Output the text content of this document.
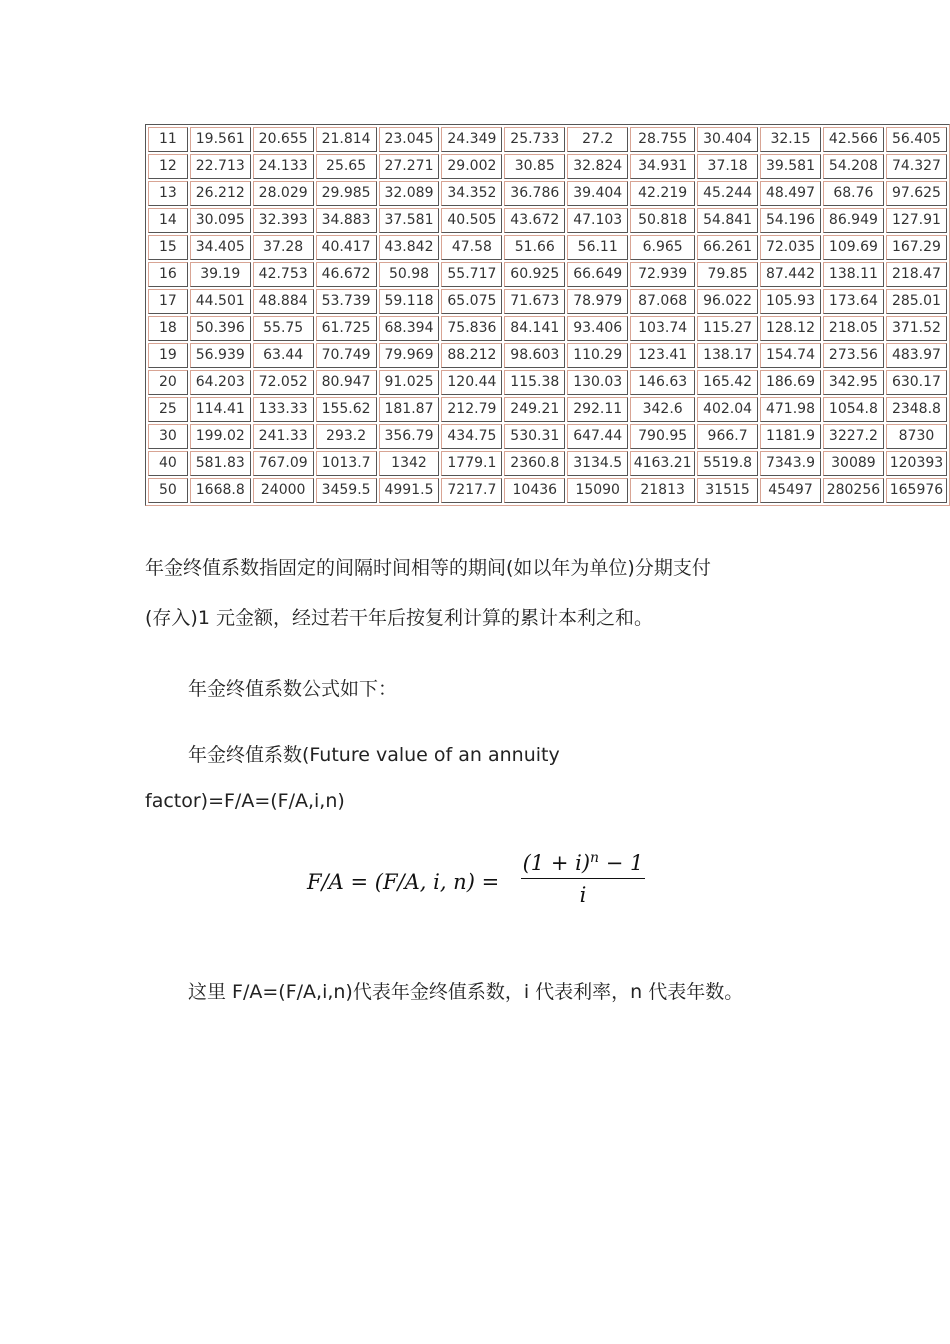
11	19.561	20.655	21.814	23.045	24.349	25.733	27.2	28.755	30.404	32.15	42.566	56.405
12	22.713	24.133	25.65	27.271	29.002	30.85	32.824	34.931	37.18	39.581	54.208	74.327
13	26.212	28.029	29.985	32.089	34.352	36.786	39.404	42.219	45.244	48.497	68.76	97.625
14	30.095	32.393	34.883	37.581	40.505	43.672	47.103	50.818	54.841	54.196	86.949	127.91
15	34.405	37.28	40.417	43.842	47.58	51.66	56.11	6.965	66.261	72.035	109.69	167.29
16	39.19	42.753	46.672	50.98	55.717	60.925	66.649	72.939	79.85	87.442	138.11	218.47
17	44.501	48.884	53.739	59.118	65.075	71.673	78.979	87.068	96.022	105.93	173.64	285.01
18	50.396	55.75	61.725	68.394	75.836	84.141	93.406	103.74	115.27	128.12	218.05	371.52
19	56.939	63.44	70.749	79.969	88.212	98.603	110.29	123.41	138.17	154.74	273.56	483.97
20	64.203	72.052	80.947	91.025	120.44	115.38	130.03	146.63	165.42	186.69	342.95	630.17
25	114.41	133.33	155.62	181.87	212.79	249.21	292.11	342.6	402.04	471.98	1054.8	2348.8
30	199.02	241.33	293.2	356.79	434.75	530.31	647.44	790.95	966.7	1181.9	3227.2	8730
40	581.83	767.09	1013.7	1342	1779.1	2360.8	3134.5	4163.21	5519.8	7343.9	30089	120393
50	1668.8	24000	3459.5	4991.5	7217.7	10436	15090	21813	31515	45497	280256	165976
年金终值系数指固定的间隔时间相等的期间(如以年为单位)分期支付
(存入)1 元金额，经过若干年后按复利计算的累计本利之和。
年金终值系数公式如下：
年金终值系数(Future value of an annuity
factor)=F/A=(F/A,i,n)
F/A = (F/A, i, n) =
$(1 + i)^n - 1$
i
这里 F/A=(F/A,i,n)代表年金终值系数，i 代表利率，n 代表年数。
